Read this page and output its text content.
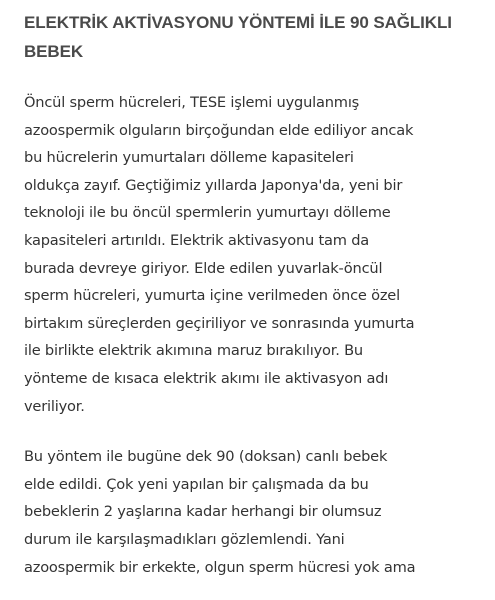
ELEKTRİK AKTİVASYONU YÖNTEMİ İLE 90 SAĞLIKLI
BEBEK

Öncül sperm hücreleri, TESE işlemi uygulanmış
azoospermik olguların birçoğundan elde ediliyor ancak
bu hücrelerin yumurtaları dölleme kapasiteleri
oldukça zayıf. Geçtiğimiz yıllarda Japonya'da, yeni bir
teknoloji ile bu öncül spermlerin yumurtayı dölleme
kapasiteleri artırıldı. Elektrik aktivasyonu tam da
burada devreye giriyor. Elde edilen yuvarlak-öncül
sperm hücreleri, yumurta içine verilmeden önce özel
birtakım süreçlerden geçiriliyor ve sonrasında yumurta
ile birlikte elektrik akımına maruz bırakılıyor. Bu
yönteme de kısaca elektrik akımı ile aktivasyon adı
veriliyor.

Bu yöntem ile bugüne dek 90 (doksan) canlı bebek
elde edildi. Çok yeni yapılan bir çalışmada da bu
bebeklerin 2 yaşlarına kadar herhangi bir olumsuz
durum ile karşılaşmadıkları gözlemlendi. Yani
azoospermik bir erkekte, olgun sperm hücresi yok ama
